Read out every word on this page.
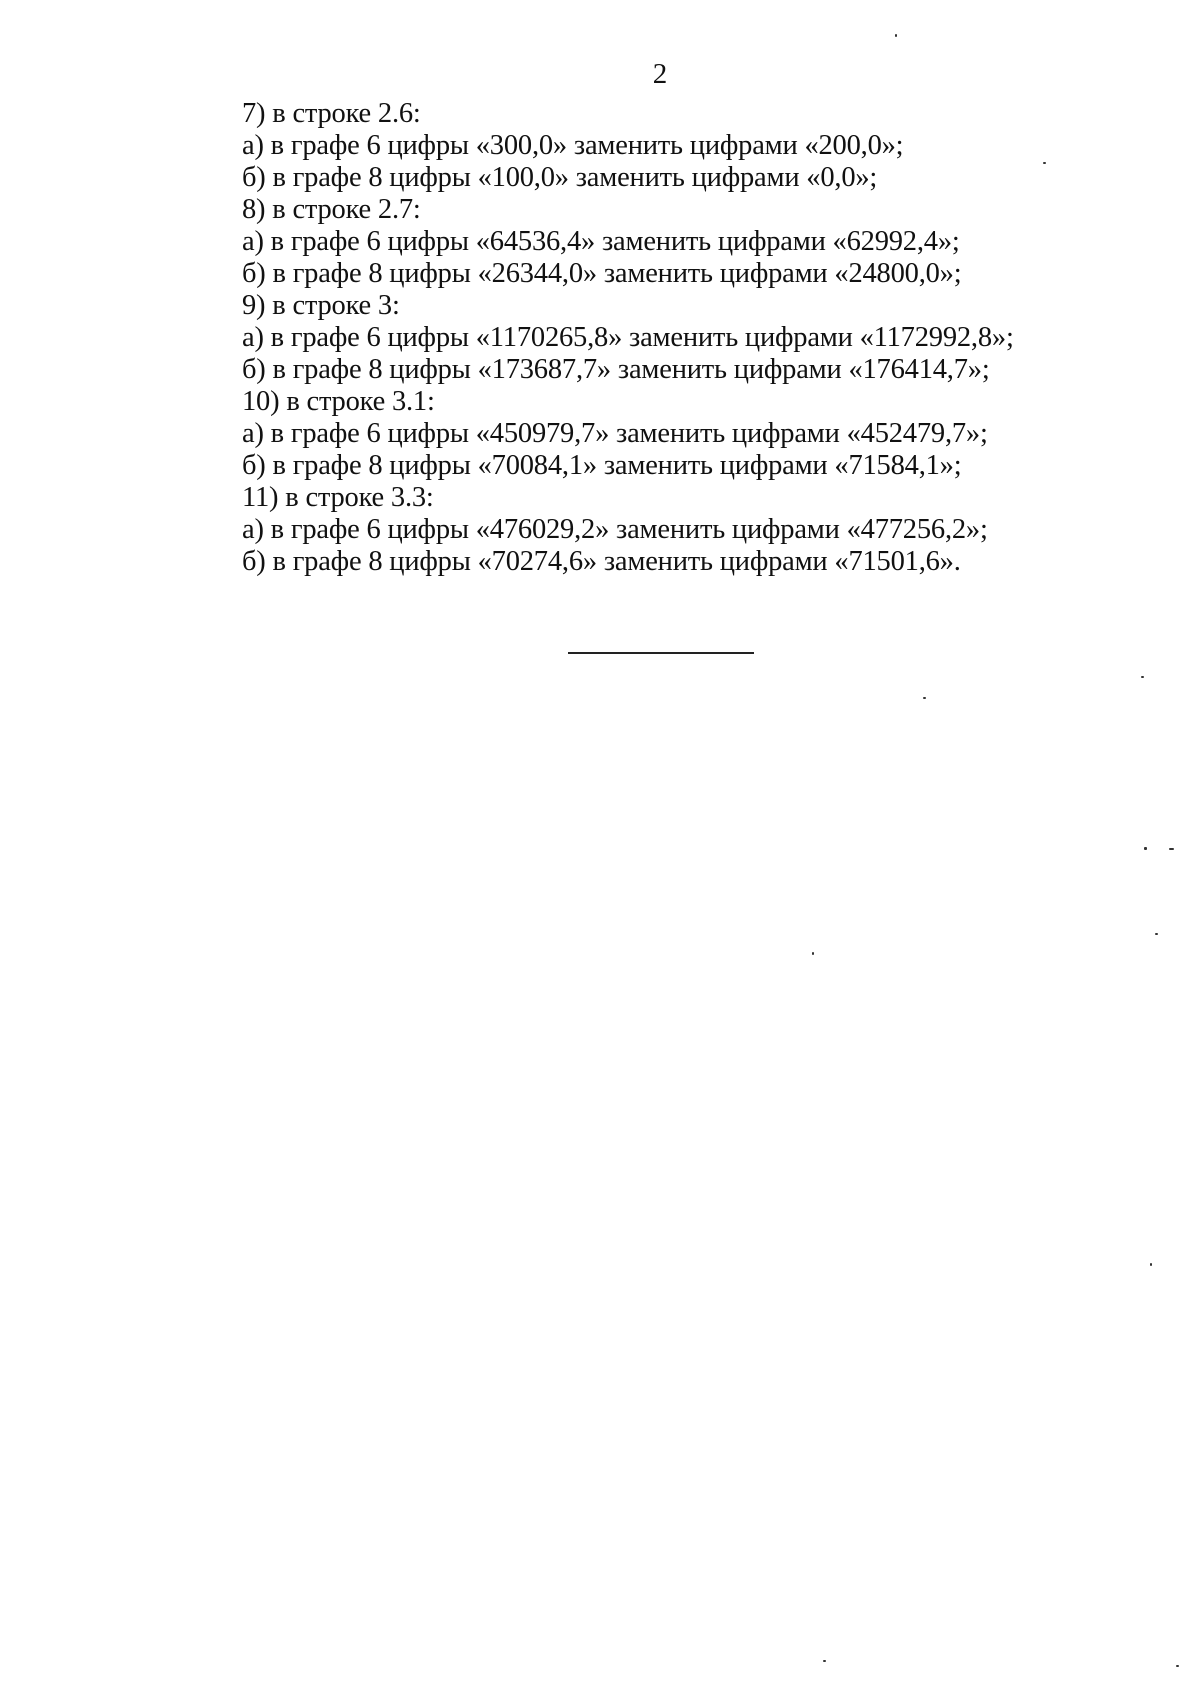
2
7) в строке 2.6:
а) в графе 6 цифры «300,0» заменить цифрами «200,0»;
б) в графе 8 цифры «100,0» заменить цифрами «0,0»;
8) в строке 2.7:
а) в графе 6 цифры «64536,4» заменить цифрами «62992,4»;
б) в графе 8 цифры «26344,0» заменить цифрами «24800,0»;
9) в строке 3:
а) в графе 6 цифры «1170265,8» заменить цифрами «1172992,8»;
б) в графе 8 цифры «173687,7» заменить цифрами «176414,7»;
10) в строке 3.1:
а) в графе 6 цифры «450979,7» заменить цифрами «452479,7»;
б) в графе 8 цифры «70084,1» заменить цифрами «71584,1»;
11) в строке 3.3:
а) в графе 6 цифры «476029,2» заменить цифрами «477256,2»;
б) в графе 8 цифры «70274,6» заменить цифрами «71501,6».
